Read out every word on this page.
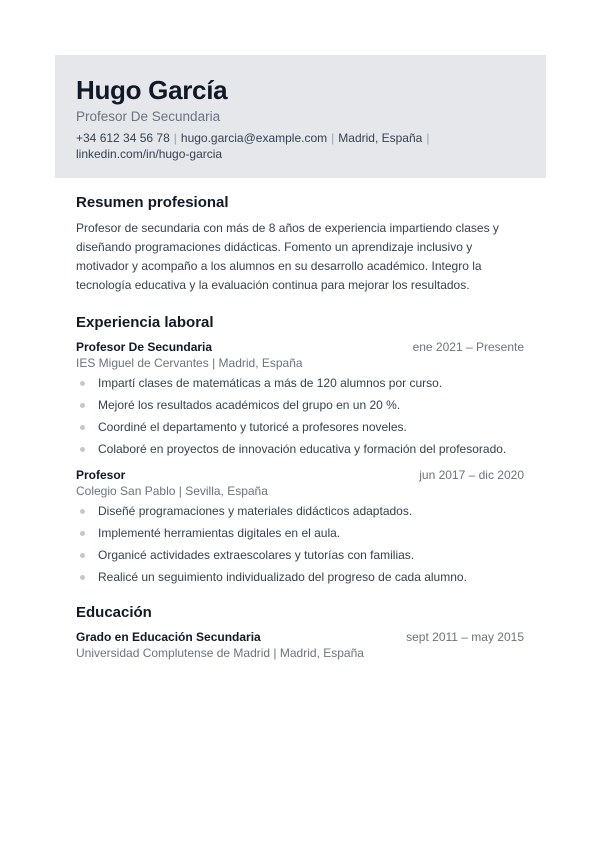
Hugo García
Profesor De Secundaria
+34 612 34 56 78 | hugo.garcia@example.com | Madrid, España |
linkedin.com/in/hugo-garcia
Resumen profesional

Profesor de secundaria con más de 8 años de experiencia impartiendo clases y diseñando programaciones didácticas. Fomento un aprendizaje inclusivo y motivador y acompaño a los alumnos en su desarrollo académico. Integro la tecnología educativa y la evaluación continua para mejorar los resultados.

Experiencia laboral
Profesor De Secundaria	ene 2021 – Presente
IES Miguel de Cervantes | Madrid, España
Impartí clases de matemáticas a más de 120 alumnos por curso.
Mejoré los resultados académicos del grupo en un 20 %.
Coordiné el departamento y tutoricé a profesores noveles.
Colaboré en proyectos de innovación educativa y formación del profesorado.
Profesor	jun 2017 – dic 2020
Colegio San Pablo | Sevilla, España
Diseñé programaciones y materiales didácticos adaptados.
Implementé herramientas digitales en el aula.
Organicé actividades extraescolares y tutorías con familias.
Realicé un seguimiento individualizado del progreso de cada alumno.
Educación
Grado en Educación Secundaria	sept 2011 – may 2015
Universidad Complutense de Madrid | Madrid, España
